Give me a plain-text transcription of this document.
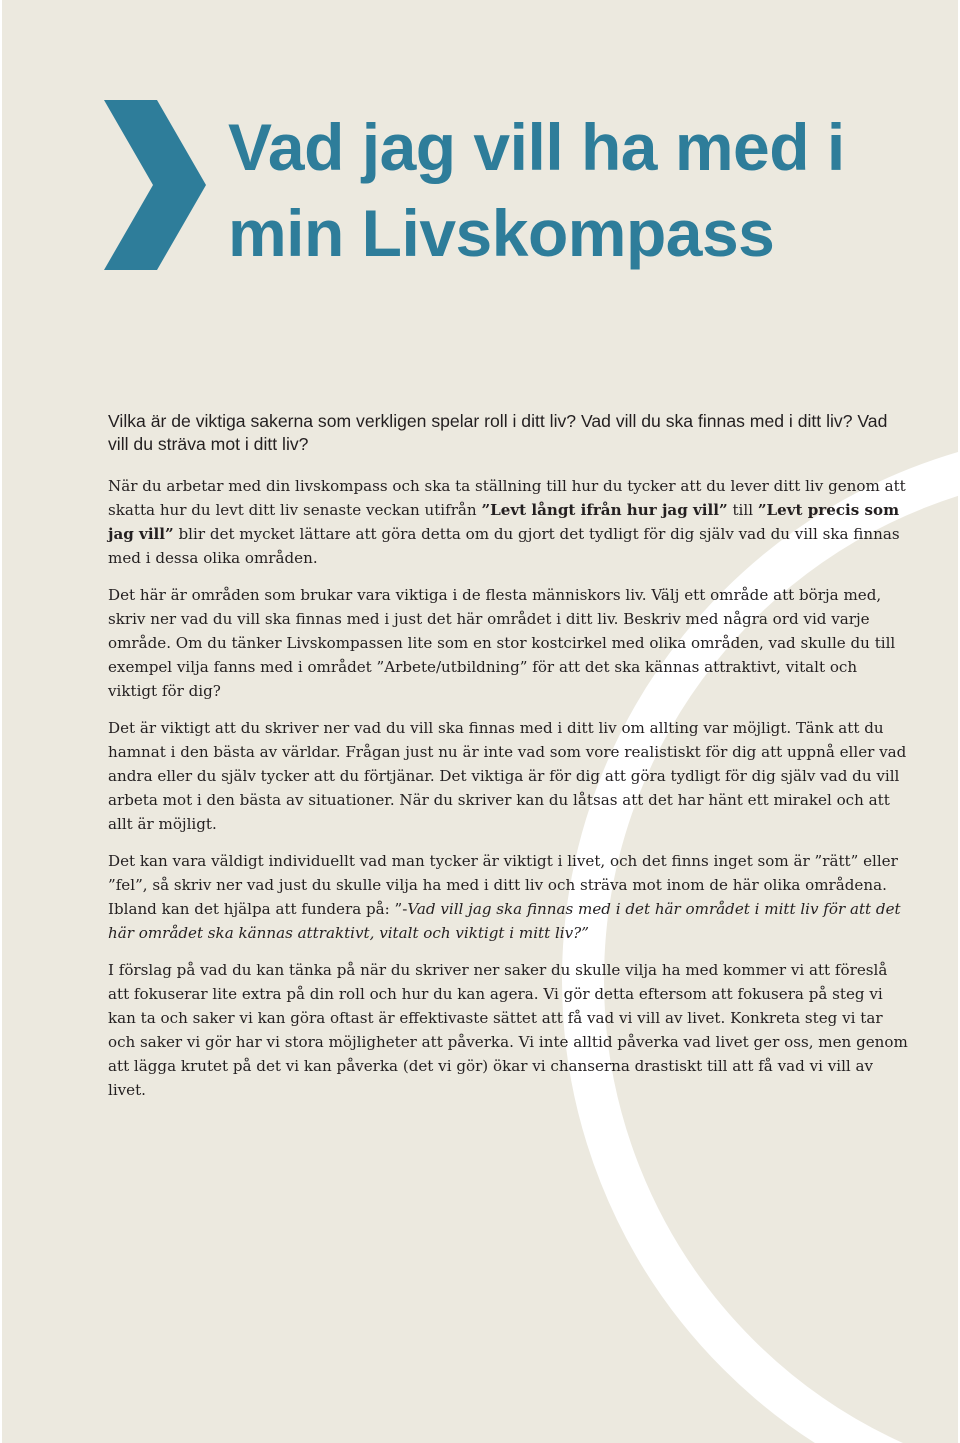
Vad jag vill ha med i
min Livskompass

Vilka är de viktiga sakerna som verkligen spelar roll i ditt liv? Vad vill du ska finnas med i ditt liv? Vad vill du sträva mot i ditt liv?

När du arbetar med din livskompass och ska ta ställning till hur du tycker att du lever ditt liv genom att skatta hur du levt ditt liv senaste veckan utifrån ”Levt långt ifrån hur jag vill” till ”Levt precis som jag vill” blir det mycket lättare att göra detta om du gjort det tydligt för dig själv vad du vill ska finnas med i dessa olika områden.

Det här är områden som brukar vara viktiga i de flesta människors liv. Välj ett område att börja med, skriv ner vad du vill ska finnas med i just det här området i ditt liv. Beskriv med några ord vid varje område. Om du tänker Livskompassen lite som en stor kostcirkel med olika områden, vad skulle du till exempel vilja fanns med i området ”Arbete/utbildning” för att det ska kännas attraktivt, vitalt och viktigt för dig?

Det är viktigt att du skriver ner vad du vill ska finnas med i ditt liv om allting var möjligt. Tänk att du hamnat i den bästa av världar. Frågan just nu är inte vad som vore realistiskt för dig att uppnå eller vad andra eller du själv tycker att du förtjänar. Det viktiga är för dig att göra tydligt för dig själv vad du vill arbeta mot i den bästa av situationer. När du skriver kan du låtsas att det har hänt ett mirakel och att allt är möjligt.

Det kan vara väldigt individuellt vad man tycker är viktigt i livet, och det finns inget som är ”rätt” eller ”fel”, så skriv ner vad just du skulle vilja ha med i ditt liv och sträva mot inom de här olika områdena. Ibland kan det hjälpa att fundera på: ”-Vad vill jag ska finnas med i det här området i mitt liv för att det här området ska kännas attraktivt, vitalt och viktigt i mitt liv?”

I förslag på vad du kan tänka på när du skriver ner saker du skulle vilja ha med kommer vi att föreslå att fokuserar lite extra på din roll och hur du kan agera. Vi gör detta eftersom att fokusera på steg vi kan ta och saker vi kan göra oftast är effektivaste sättet att få vad vi vill av livet. Konkreta steg vi tar och saker vi gör har vi stora möjligheter att påverka. Vi inte alltid påverka vad livet ger oss, men genom att lägga krutet på det vi kan påverka (det vi gör) ökar vi chanserna drastiskt till att få vad vi vill av livet.
